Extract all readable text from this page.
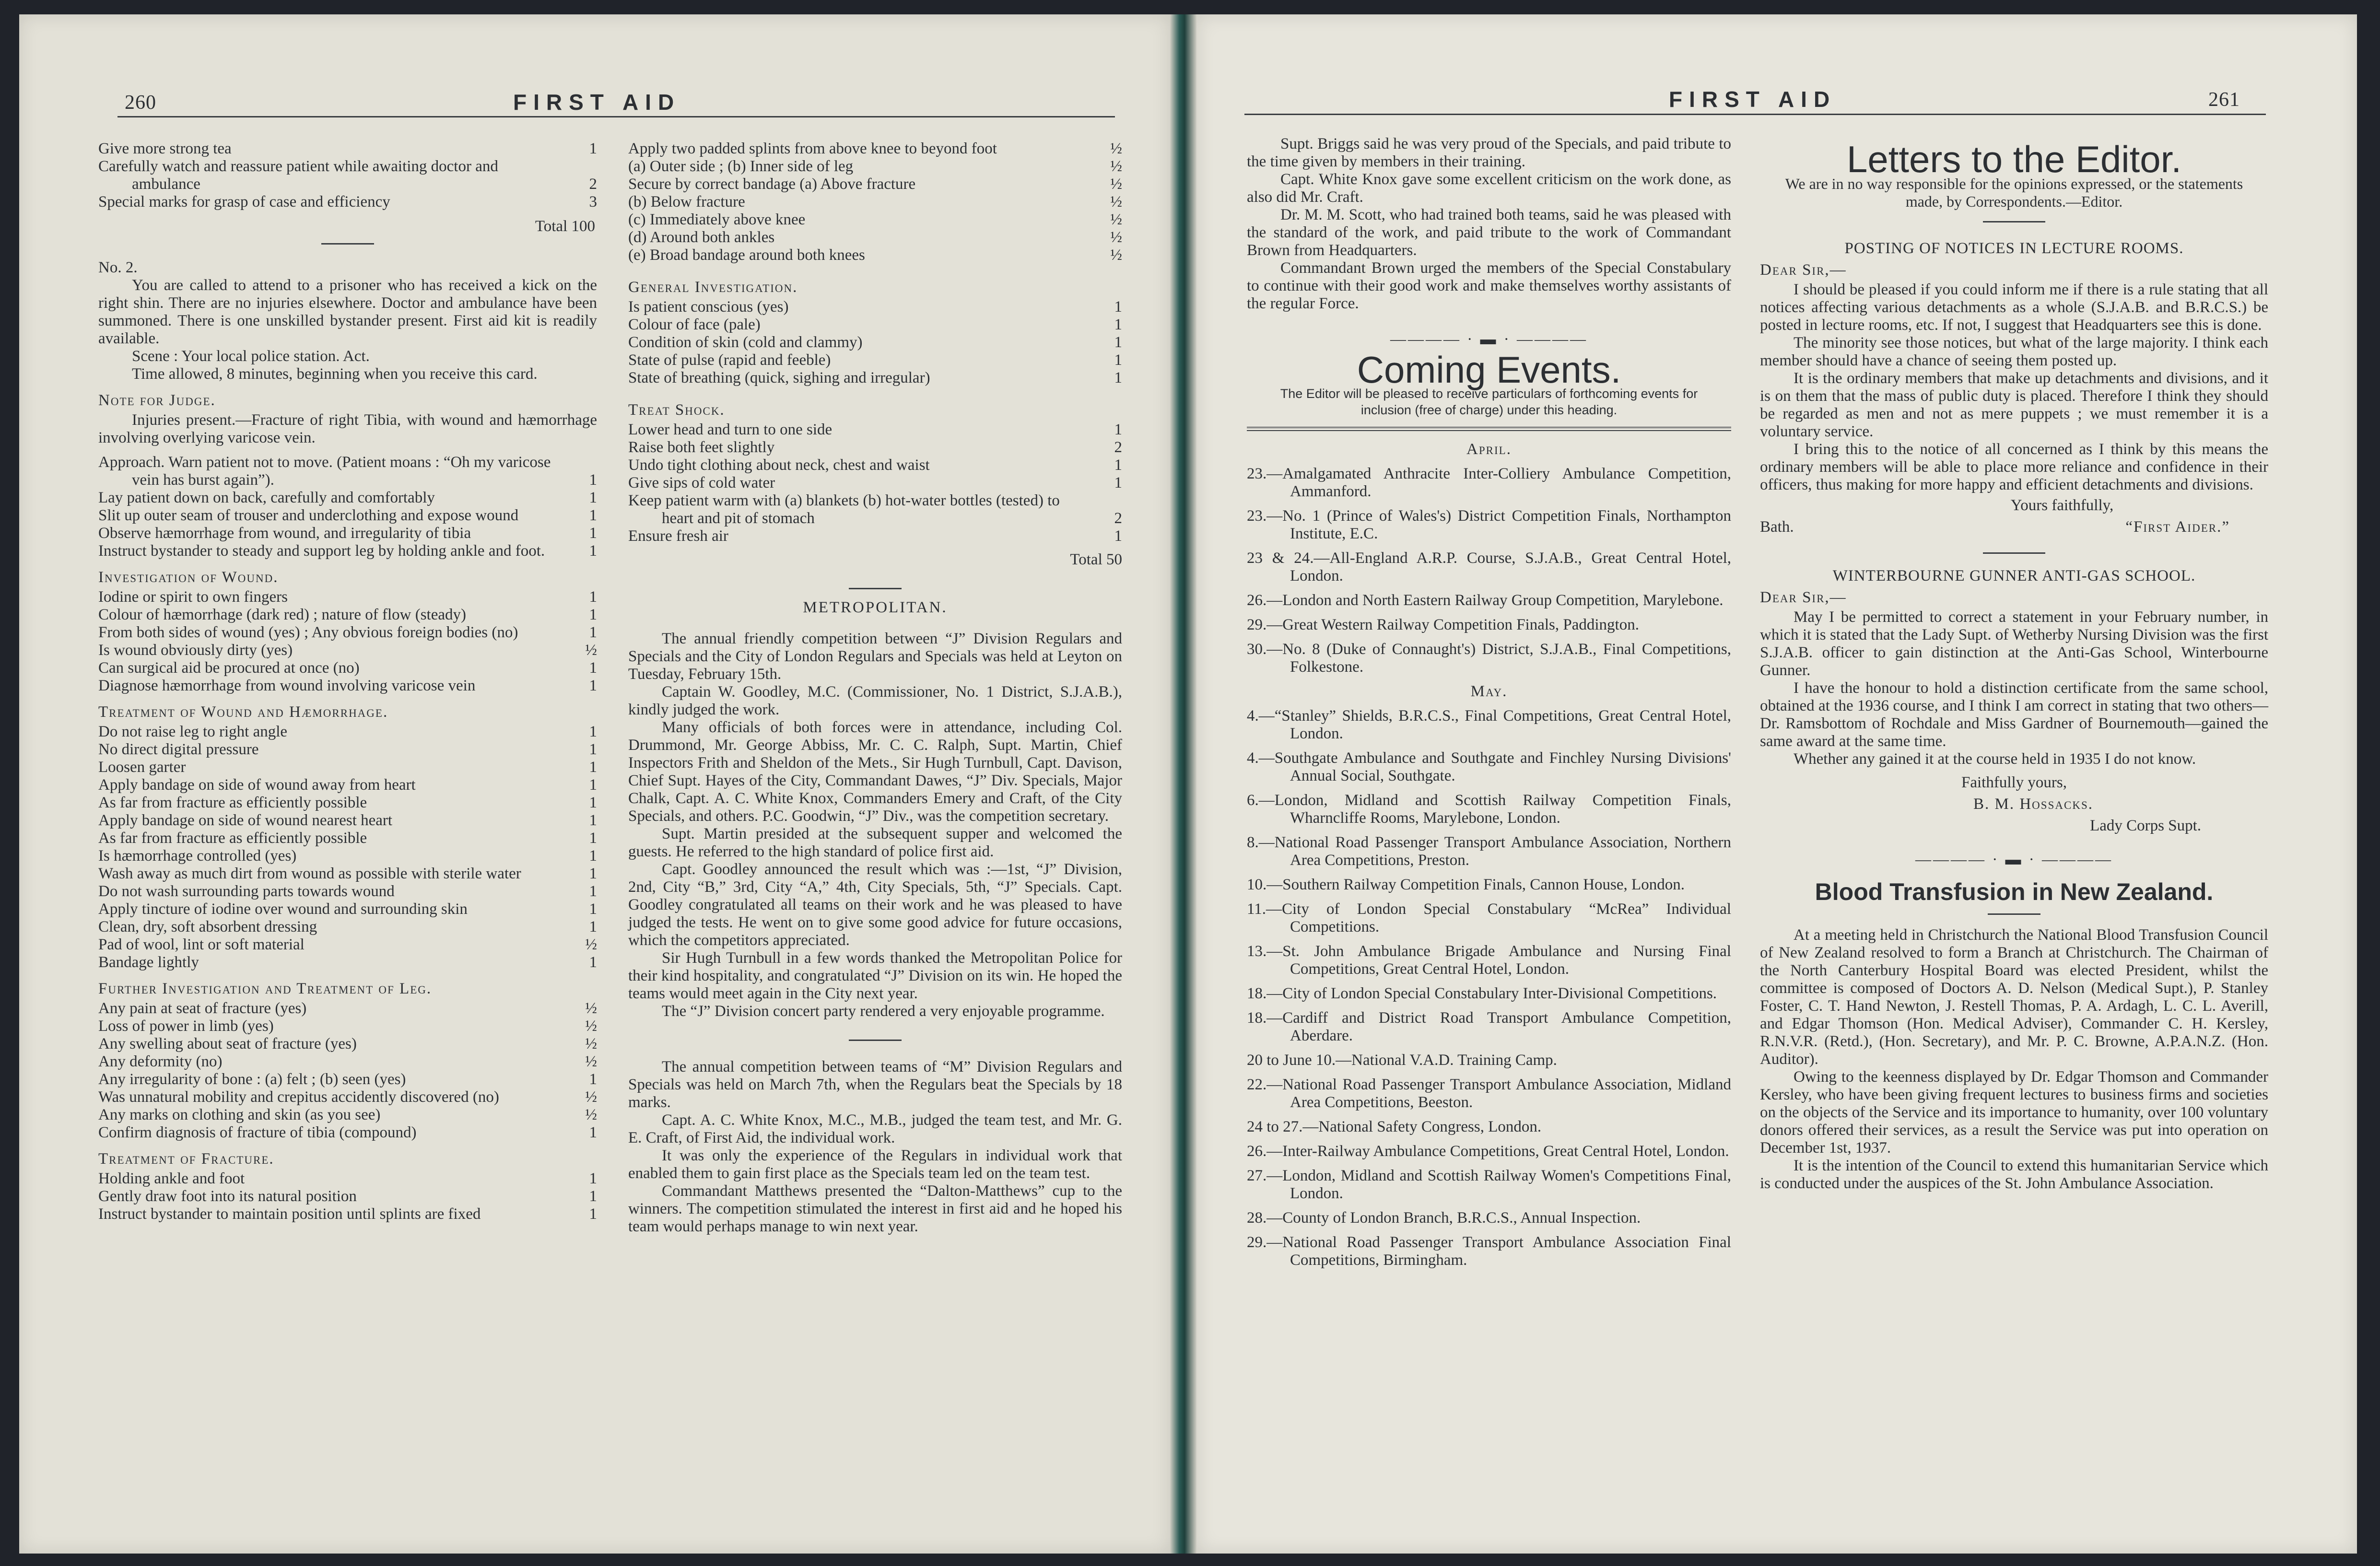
260	FIRST AID
Give more strong tea	1
Carefully watch and reassure patient while awaiting doctor and ambulance	2
Special marks for grasp of case and efficiency	3
Total 100
No. 2.

You are called to attend to a prisoner who has received a kick on the right shin. There are no injuries elsewhere. Doctor and ambulance have been summoned. There is one unskilled bystander present. First aid kit is readily available.

Scene : Your local police station. Act.

Time allowed, 8 minutes, beginning when you receive this card.

Note for Judge.

Injuries present.—Fracture of right Tibia, with wound and hæmorrhage involving overlying varicose vein.

Approach. Warn patient not to move. (Patient moans : “Oh my varicose vein has burst again”).	1
Lay patient down on back, carefully and comfortably	1
Slit up outer seam of trouser and underclothing and expose wound	1
Observe hæmorrhage from wound, and irregularity of tibia	1
Instruct bystander to steady and support leg by holding ankle and foot.	1
Investigation of Wound.
Iodine or spirit to own fingers	1
Colour of hæmorrhage (dark red) ; nature of flow (steady)	1
From both sides of wound (yes) ; Any obvious foreign bodies (no)	1
Is wound obviously dirty (yes)	½
Can surgical aid be procured at once (no)	1
Diagnose hæmorrhage from wound involving varicose vein	1
Treatment of Wound and Hæmorrhage.
Do not raise leg to right angle	1
No direct digital pressure	1
Loosen garter	1
Apply bandage on side of wound away from heart	1
As far from fracture as efficiently possible	1
Apply bandage on side of wound nearest heart	1
As far from fracture as efficiently possible	1
Is hæmorrhage controlled (yes)	1
Wash away as much dirt from wound as possible with sterile water	1
Do not wash surrounding parts towards wound	1
Apply tincture of iodine over wound and surrounding skin	1
Clean, dry, soft absorbent dressing	1
Pad of wool, lint or soft material	½
Bandage lightly	1
Further Investigation and Treatment of Leg.
Any pain at seat of fracture (yes)	½
Loss of power in limb (yes)	½
Any swelling about seat of fracture (yes)	½
Any deformity (no)	½
Any irregularity of bone : (a) felt ; (b) seen (yes)	1
Was unnatural mobility and crepitus accidently discovered (no)	½
Any marks on clothing and skin (as you see)	½
Confirm diagnosis of fracture of tibia (compound)	1
Treatment of Fracture.
Holding ankle and foot	1
Gently draw foot into its natural position	1
Instruct bystander to maintain position until splints are fixed	1
Apply two padded splints from above knee to beyond foot	½
(a) Outer side ; (b) Inner side of leg	½
Secure by correct bandage (a) Above fracture	½
(b) Below fracture	½
(c) Immediately above knee	½
(d) Around both ankles	½
(e) Broad bandage around both knees	½
General Investigation.
Is patient conscious (yes)	1
Colour of face (pale)	1
Condition of skin (cold and clammy)	1
State of pulse (rapid and feeble)	1
State of breathing (quick, sighing and irregular)	1
Treat Shock.
Lower head and turn to one side	1
Raise both feet slightly	2
Undo tight clothing about neck, chest and waist	1
Give sips of cold water	1
Keep patient warm with (a) blankets (b) hot-water bottles (tested) to heart and pit of stomach	2
Ensure fresh air	1
Total 50
METROPOLITAN.

The annual friendly competition between “J” Division Regulars and Specials and the City of London Regulars and Specials was held at Leyton on Tuesday, February 15th.

Captain W. Goodley, M.C. (Commissioner, No. 1 District, S.J.A.B.), kindly judged the work.

Many officials of both forces were in attendance, including Col. Drummond, Mr. George Abbiss, Mr. C. C. Ralph, Supt. Martin, Chief Inspectors Frith and Sheldon of the Mets., Sir Hugh Turnbull, Capt. Davison, Chief Supt. Hayes of the City, Commandant Dawes, “J” Div. Specials, Major Chalk, Capt. A. C. White Knox, Commanders Emery and Craft, of the City Specials, and others. P.C. Goodwin, “J” Div., was the competition secretary.

Supt. Martin presided at the subsequent supper and welcomed the guests. He referred to the high standard of police first aid.

Capt. Goodley announced the result which was :—1st, “J” Division, 2nd, City “B,” 3rd, City “A,” 4th, City Specials, 5th, “J” Specials. Capt. Goodley congratulated all teams on their work and he was pleased to have judged the tests. He went on to give some good advice for future occasions, which the competitors appreciated.

Sir Hugh Turnbull in a few words thanked the Metropolitan Police for their kind hospitality, and congratulated “J” Division on its win. He hoped the teams would meet again in the City next year.

The “J” Division concert party rendered a very enjoyable programme.

The annual competition between teams of “M” Division Regulars and Specials was held on March 7th, when the Regulars beat the Specials by 18 marks.

Capt. A. C. White Knox, M.C., M.B., judged the team test, and Mr. G. E. Craft, of First Aid, the individual work.

It was only the experience of the Regulars in individual work that enabled them to gain first place as the Specials team led on the team test.

Commandant Matthews presented the “Dalton-Matthews” cup to the winners. The competition stimulated the interest in first aid and he hoped his team would perhaps manage to win next year.

FIRST AID	261

Supt. Briggs said he was very proud of the Specials, and paid tribute to the time given by members in their training.

Capt. White Knox gave some excellent criticism on the work done, as also did Mr. Craft.

Dr. M. M. Scott, who had trained both teams, said he was pleased with the standard of the work, and paid tribute to the work of Commandant Brown from Headquarters.

Commandant Brown urged the members of the Special Constabulary to continue with their good work and make themselves worthy assistants of the regular Force.

———— · ▬ · ————
Coming Events.
The Editor will be pleased to receive particulars of forthcoming events for inclusion (free of charge) under this heading.
April.
23.—Amalgamated Anthracite Inter-Colliery Ambulance Competition, Ammanford.
23.—No. 1 (Prince of Wales's) District Competition Finals, Northampton Institute, E.C.
23 & 24.—All-England A.R.P. Course, S.J.A.B., Great Central Hotel, London.
26.—London and North Eastern Railway Group Competition, Marylebone.
29.—Great Western Railway Competition Finals, Paddington.
30.—No. 8 (Duke of Connaught's) District, S.J.A.B., Final Competitions, Folkestone.
May.
4.—“Stanley” Shields, B.R.C.S., Final Competitions, Great Central Hotel, London.
4.—Southgate Ambulance and Southgate and Finchley Nursing Divisions' Annual Social, Southgate.
6.—London, Midland and Scottish Railway Competition Finals, Wharncliffe Rooms, Marylebone, London.
8.—National Road Passenger Transport Ambulance Association, Northern Area Competitions, Preston.
10.—Southern Railway Competition Finals, Cannon House, London.
11.—City of London Special Constabulary “McRea” Individual Competitions.
13.—St. John Ambulance Brigade Ambulance and Nursing Final Competitions, Great Central Hotel, London.
18.—City of London Special Constabulary Inter-Divisional Competitions.
18.—Cardiff and District Road Transport Ambulance Competition, Aberdare.
20 to June 10.—National V.A.D. Training Camp.
22.—National Road Passenger Transport Ambulance Association, Midland Area Competitions, Beeston.
24 to 27.—National Safety Congress, London.
26.—Inter-Railway Ambulance Competitions, Great Central Hotel, London.
27.—London, Midland and Scottish Railway Women's Competitions Final, London.
28.—County of London Branch, B.R.C.S., Annual Inspection.
29.—National Road Passenger Transport Ambulance Association Final Competitions, Birmingham.
Letters to the Editor.
We are in no way responsible for the opinions expressed, or the statements made, by Correspondents.—Editor.
POSTING OF NOTICES IN LECTURE ROOMS.
Dear Sir,—

I should be pleased if you could inform me if there is a rule stating that all notices affecting various detachments as a whole (S.J.A.B. and B.R.C.S.) be posted in lecture rooms, etc. If not, I suggest that Headquarters see this is done.

The minority see those notices, but what of the large majority. I think each member should have a chance of seeing them posted up.

It is the ordinary members that make up detachments and divisions, and it is on them that the mass of public duty is placed. Therefore I think they should be regarded as men and not as mere puppets ; we must remember it is a voluntary service.

I bring this to the notice of all concerned as I think by this means the ordinary members will be able to place more reliance and confidence in their officers, thus making for more happy and efficient detachments and divisions.

Yours faithfully,
Bath.	“First Aider.”
WINTERBOURNE GUNNER ANTI-GAS SCHOOL.
Dear Sir,—

May I be permitted to correct a statement in your February number, in which it is stated that the Lady Supt. of Wetherby Nursing Division was the first S.J.A.B. officer to gain distinction at the Anti-Gas School, Winterbourne Gunner.

I have the honour to hold a distinction certificate from the same school, obtained at the 1936 course, and I think I am correct in stating that two others—Dr. Ramsbottom of Rochdale and Miss Gardner of Bournemouth—gained the same award at the same time.

Whether any gained it at the course held in 1935 I do not know.

Faithfully yours,
B. M. Hossacks.
Lady Corps Supt.
———— · ▬ · ————
Blood Transfusion in New Zealand.

At a meeting held in Christchurch the National Blood Transfusion Council of New Zealand resolved to form a Branch at Christchurch. The Chairman of the North Canterbury Hospital Board was elected President, whilst the committee is composed of Doctors A. D. Nelson (Medical Supt.), P. Stanley Foster, C. T. Hand Newton, J. Restell Thomas, P. A. Ardagh, L. C. L. Averill, and Edgar Thomson (Hon. Medical Adviser), Commander C. H. Kersley, R.N.V.R. (Retd.), (Hon. Secretary), and Mr. P. C. Browne, A.P.A.N.Z. (Hon. Auditor).

Owing to the keenness displayed by Dr. Edgar Thomson and Commander Kersley, who have been giving frequent lectures to business firms and societies on the objects of the Service and its importance to humanity, over 100 voluntary donors offered their services, as a result the Service was put into operation on December 1st, 1937.

It is the intention of the Council to extend this humanitarian Service which is conducted under the auspices of the St. John Ambulance Association.
